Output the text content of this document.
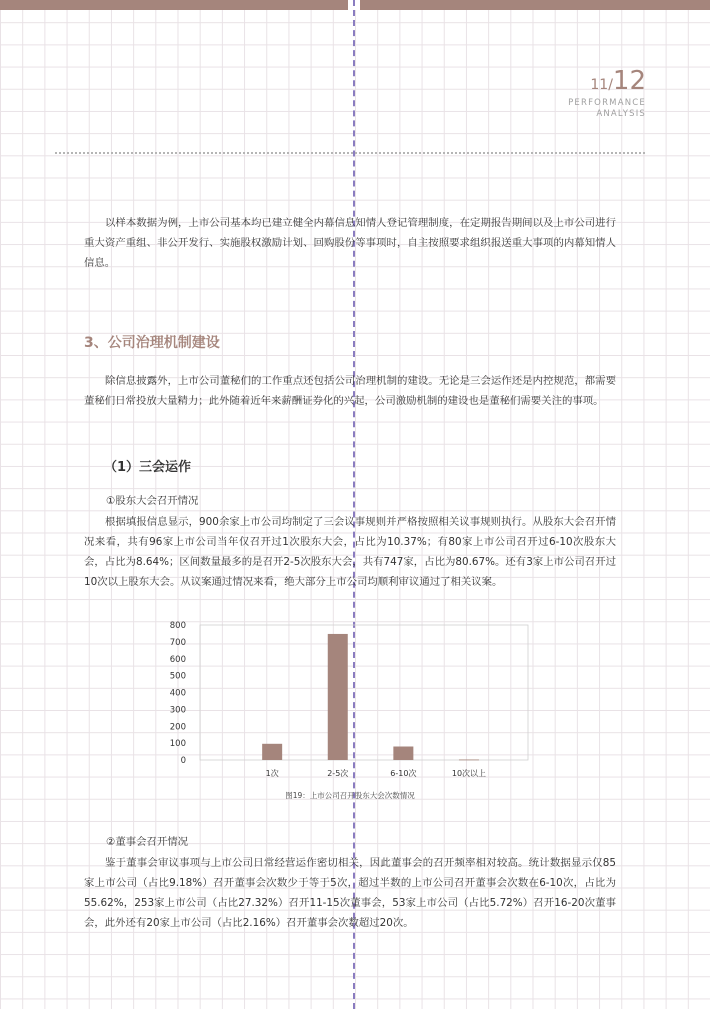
11/12
PERFORMANCE
ANALYSIS

以样本数据为例，上市公司基本均已建立健全内幕信息知情人登记管理制度，在定期报告期间以及上市公司进行重大资产重组、非公开发行、实施股权激励计划、回购股份等事项时，自主按照要求组织报送重大事项的内幕知情人信息。

3、公司治理机制建设

除信息披露外，上市公司董秘们的工作重点还包括公司治理机制的建设。无论是三会运作还是内控规范，都需要董秘们日常投放大量精力；此外随着近年来薪酬证券化的兴起，公司激励机制的建设也是董秘们需要关注的事项。

（1）三会运作

①股东大会召开情况

根据填报信息显示，900余家上市公司均制定了三会议事规则并严格按照相关议事规则执行。从股东大会召开情况来看，共有96家上市公司当年仅召开过1次股东大会，占比为10.37%；有80家上市公司召开过6-10次股东大会，占比为8.64%；区间数量最多的是召开2-5次股东大会，共有747家，占比为80.67%。还有3家上市公司召开过10次以上股东大会。从议案通过情况来看，绝大部分上市公司均顺利审议通过了相关议案。

0
100
200
300
400
500
600
700
800
1次	2-5次	6-10次	10次以上
图19：上市公司召开股东大会次数情况

②董事会召开情况

鉴于董事会审议事项与上市公司日常经营运作密切相关，因此董事会的召开频率相对较高。统计数据显示仅85家上市公司（占比9.18%）召开董事会次数少于等于5次，超过半数的上市公司召开董事会次数在6-10次，占比为55.62%，253家上市公司（占比27.32%）召开11-15次董事会，53家上市公司（占比5.72%）召开16-20次董事会，此外还有20家上市公司（占比2.16%）召开董事会次数超过20次。
